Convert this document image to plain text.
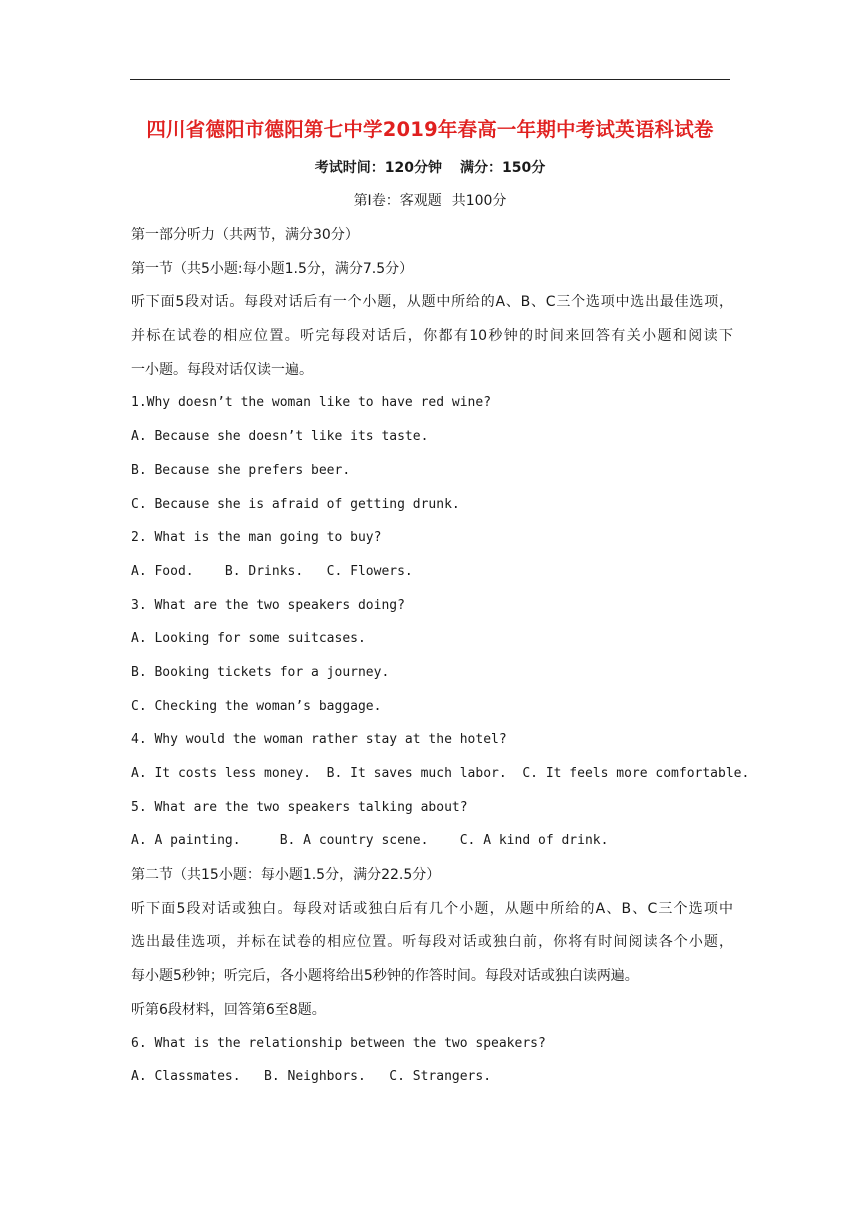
四川省德阳市德阳第七中学2019年春高一年期中考试英语科试卷
考试时间：120分钟 满分：150分
第Ⅰ卷：客观题 共100分
第一部分听力（共两节，满分30分）
第一节（共5小题:每小题1.5分，满分7.5分）
听下面5段对话。每段对话后有一个小题，从题中所给的A、B、C三个选项中选出最佳选项，
并标在试卷的相应位置。听完每段对话后，你都有10秒钟的时间来回答有关小题和阅读下
一小题。每段对话仅读一遍。
1.Why doesn’t the woman like to have red wine?
A. Because she doesn’t like its taste.
B. Because she prefers beer.
C. Because she is afraid of getting drunk.
2. What is the man going to buy?
A. Food.    B. Drinks.   C. Flowers.
3. What are the two speakers doing?
A. Looking for some suitcases.
B. Booking tickets for a journey.
C. Checking the woman’s baggage.
4. Why would the woman rather stay at the hotel?
A. It costs less money.  B. It saves much labor.  C. It feels more comfortable.
5. What are the two speakers talking about?
A. A painting.     B. A country scene.    C. A kind of drink.
第二节（共15小题：每小题1.5分，满分22.5分）
听下面5段对话或独白。每段对话或独白后有几个小题，从题中所给的A、B、C三个选项中
选出最佳选项，并标在试卷的相应位置。听每段对话或独白前，你将有时间阅读各个小题，
每小题5秒钟；听完后，各小题将给出5秒钟的作答时间。每段对话或独白读两遍。
听第6段材料，回答第6至8题。
6. What is the relationship between the two speakers?
A. Classmates.   B. Neighbors.   C. Strangers.
